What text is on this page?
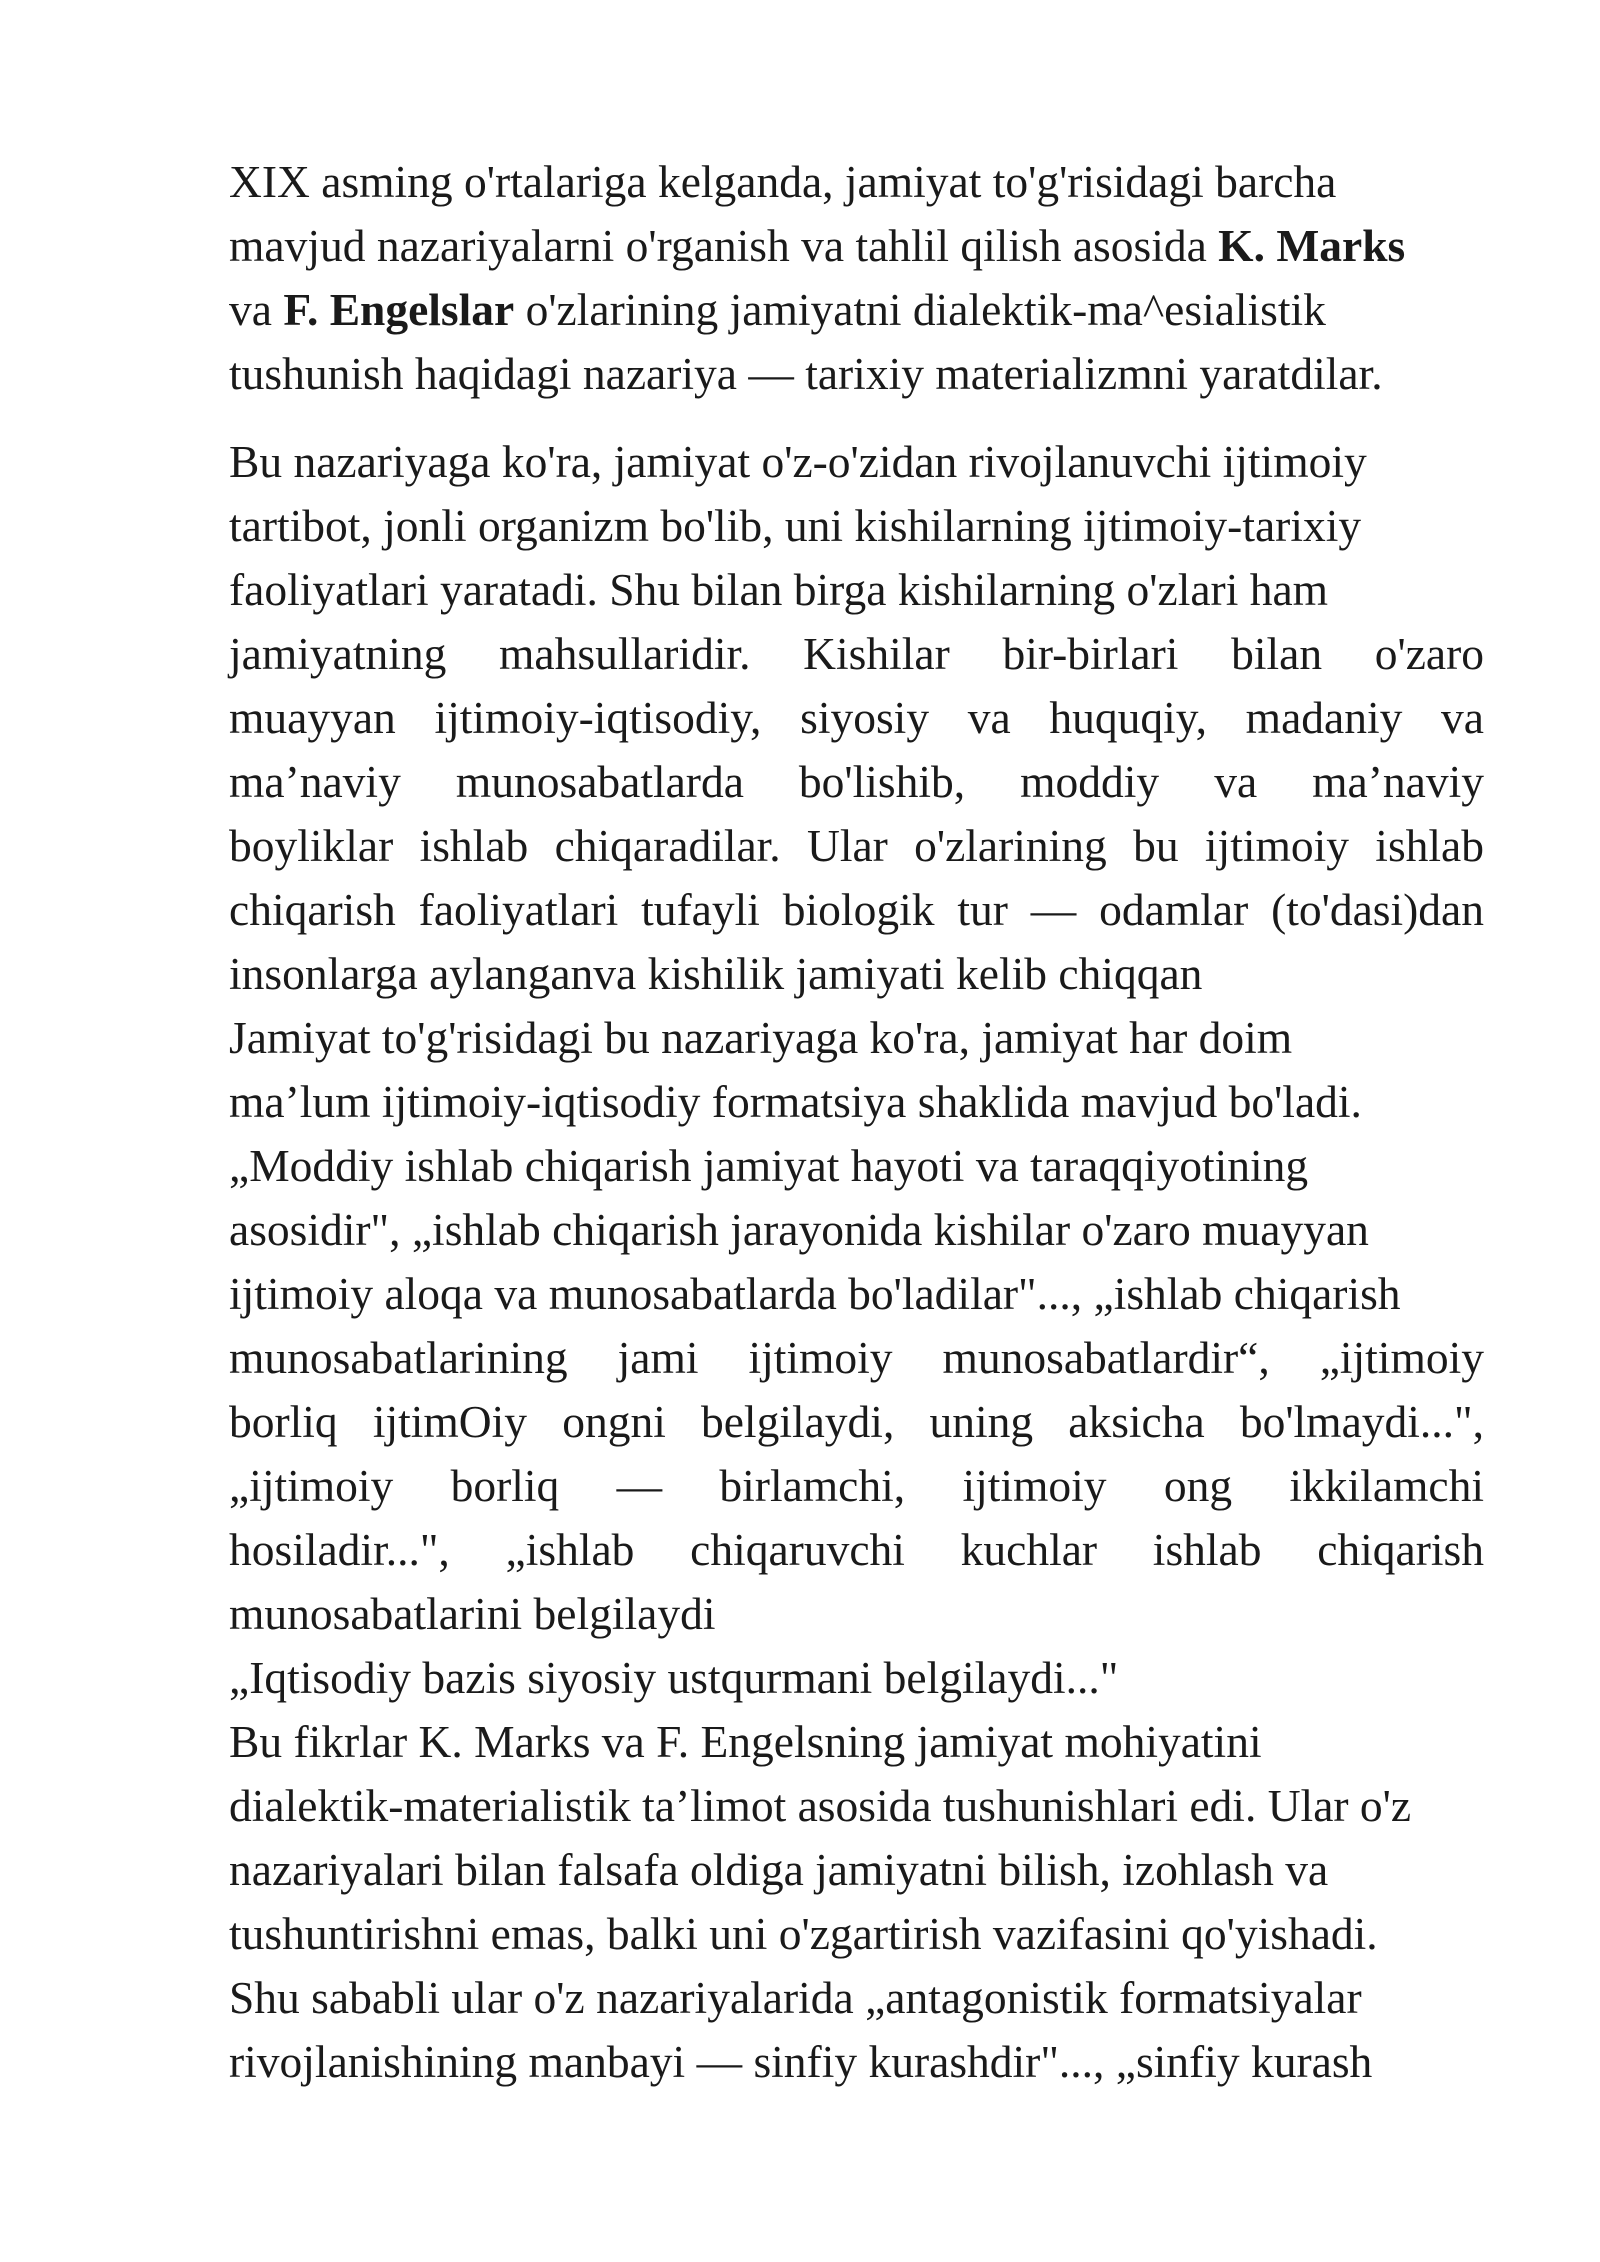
XIX asming o'rtalariga kelganda, jamiyat to'g'risidagi barcha
mavjud nazariyalarni o'rganish va tahlil qilish asosida K. Marks
va F. Engelslar o'zlarining jamiyatni dialektik-ma^esialistik
tushunish haqidagi nazariya — tarixiy materializmni yaratdilar.

Bu nazariyaga ko'ra, jamiyat o'z-o'zidan rivojlanuvchi ijtimoiy
tartibot, jonli organizm bo'lib, uni kishilarning ijtimoiy-tarixiy
faoliyatlari yaratadi. Shu bilan birga kishilarning o'zlari ham
jamiyatning mahsullaridir. Kishilar bir-birlari bilan o'zaro
muayyan ijtimoiy-iqtisodiy, siyosiy va huquqiy, madaniy va
ma’naviy munosabatlarda bo'lishib, moddiy va ma’naviy
boyliklar ishlab chiqaradilar. Ular o'zlarining bu ijtimoiy ishlab
chiqarish faoliyatlari tufayli biologik tur — odamlar (to'dasi)dan
insonlarga aylanganva kishilik jamiyati kelib chiqqan

Jamiyat to'g'risidagi bu nazariyaga ko'ra, jamiyat har doim
ma’lum ijtimoiy-iqtisodiy formatsiya shaklida mavjud bo'ladi.
„Moddiy ishlab chiqarish jamiyat hayoti va taraqqiyotining
asosidir", „ishlab chiqarish jarayonida kishilar o'zaro muayyan
ijtimoiy aloqa va munosabatlarda bo'ladilar"..., „ishlab chiqarish
munosabatlarining jami ijtimoiy munosabatlardir“, „ijtimoiy
borliq ijtimOiy ongni belgilaydi, uning aksicha bo'lmaydi...",
„ijtimoiy borliq — birlamchi, ijtimoiy ong ikkilamchi
hosiladir...", „ishlab chiqaruvchi kuchlar ishlab chiqarish
munosabatlarini belgilaydi

„Iqtisodiy bazis siyosiy ustqurmani belgilaydi..."

Bu fikrlar K. Marks va F. Engelsning jamiyat mohiyatini
dialektik-materialistik ta’limot asosida tushunishlari edi. Ular o'z
nazariyalari bilan falsafa oldiga jamiyatni bilish, izohlash va
tushuntirishni emas, balki uni o'zgartirish vazifasini qo'yishadi.
Shu sababli ular o'z nazariyalarida „antagonistik formatsiyalar
rivojlanishining manbayi — sinfiy kurashdir"..., „sinfiy kurash
